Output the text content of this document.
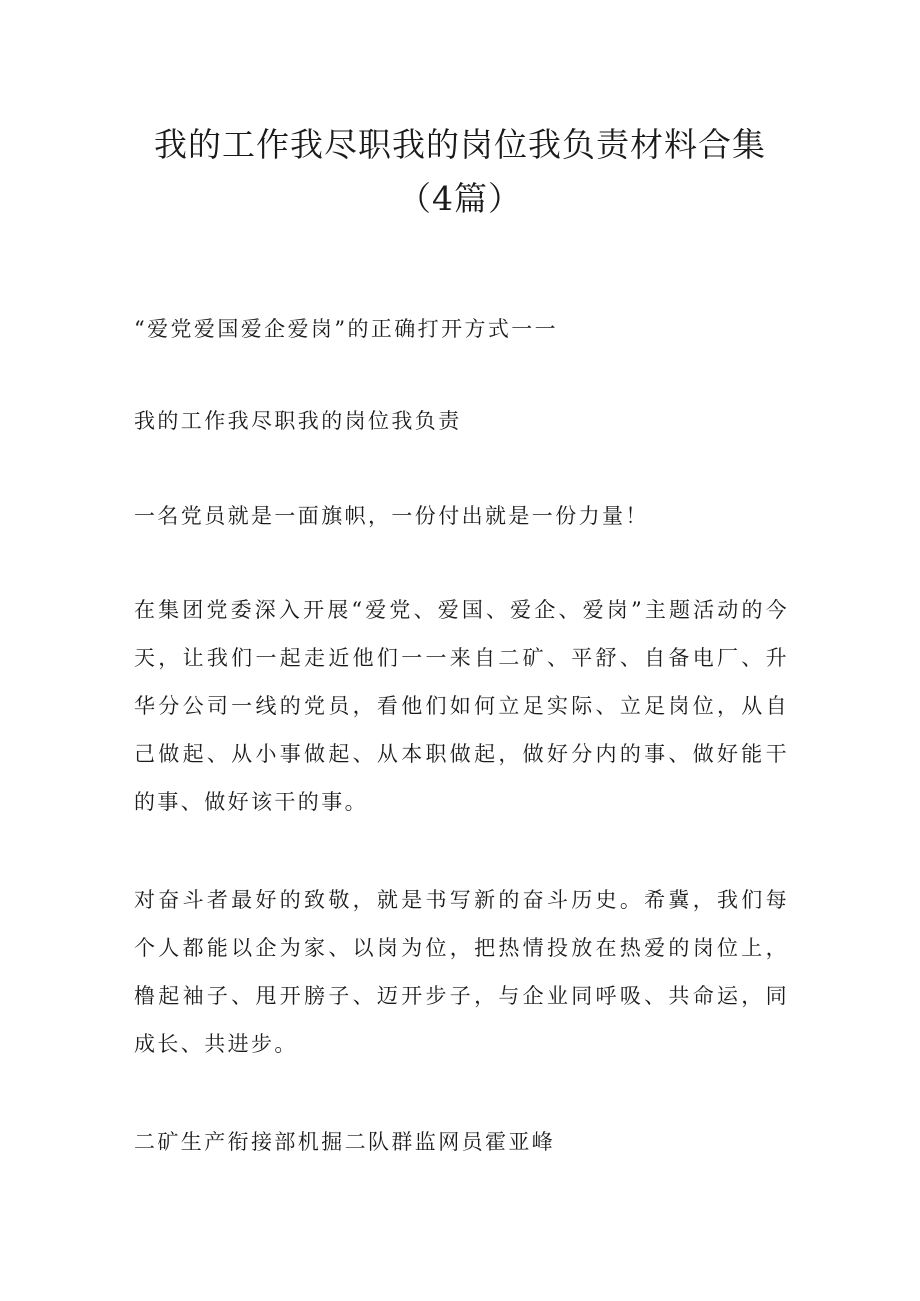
我的工作我尽职我的岗位我负责材料合集
（4篇）

“爱党爱国爱企爱岗”的正确打开方式一一

我的工作我尽职我的岗位我负责

一名党员就是一面旗帜，一份付出就是一份力量！

在集团党委深入开展“爱党、爱国、爱企、爱岗”主题活动的今天，让我们一起走近他们一一来自二矿、平舒、自备电厂、升华分公司一线的党员，看他们如何立足实际、立足岗位，从自己做起、从小事做起、从本职做起，做好分内的事、做好能干的事、做好该干的事。

对奋斗者最好的致敬，就是书写新的奋斗历史。希冀，我们每个人都能以企为家、以岗为位，把热情投放在热爱的岗位上，橹起袖子、甩开膀子、迈开步子，与企业同呼吸、共命运，同成长、共进步。

二矿生产衔接部机掘二队群监网员霍亚峰
